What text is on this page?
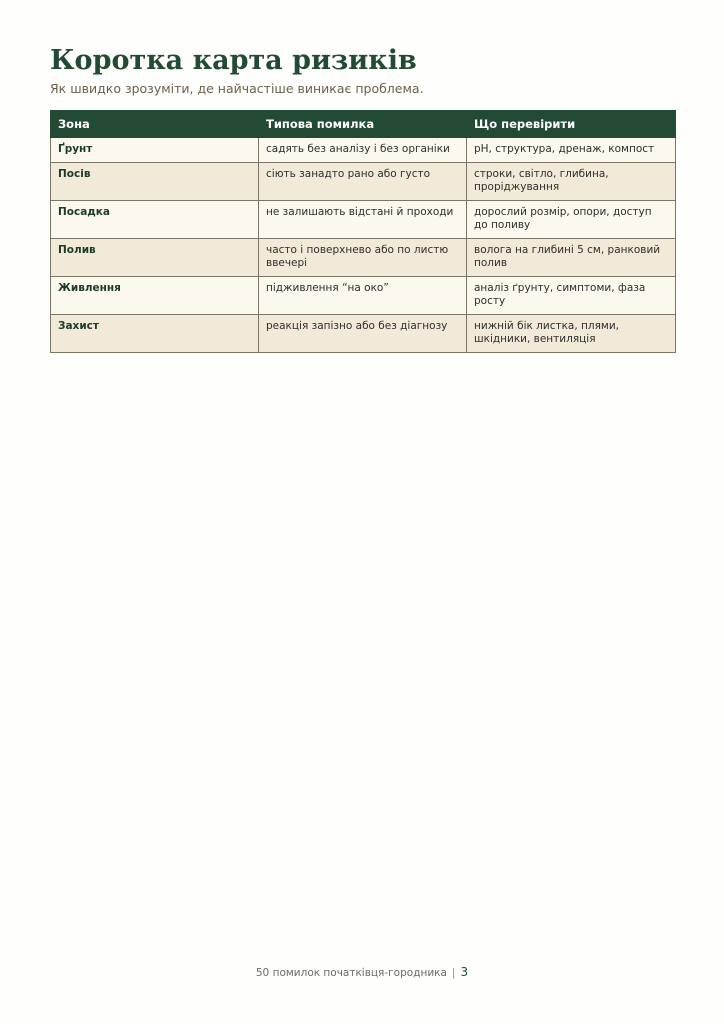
Коротка карта ризиків
Як швидко зрозуміти, де найчастіше виникає проблема.
Зона	Типова помилка	Що перевірити
Ґрунт	садять без аналізу і без органіки	pH, структура, дренаж, компост
Посів	сіють занадто рано або густо	строки, світло, глибина, проріджування
Посадка	не залишають відстані й проходи	дорослий розмір, опори, доступ до поливу
Полив	часто і поверхнево або по листю ввечері	волога на глибині 5 см, ранковий полив
Живлення	підживлення “на око”	аналіз ґрунту, симптоми, фаза росту
Захист	реакція запізно або без діагнозу	нижній бік листка, плями, шкідники, вентиляція
50 помилок початківця-городника | 3
